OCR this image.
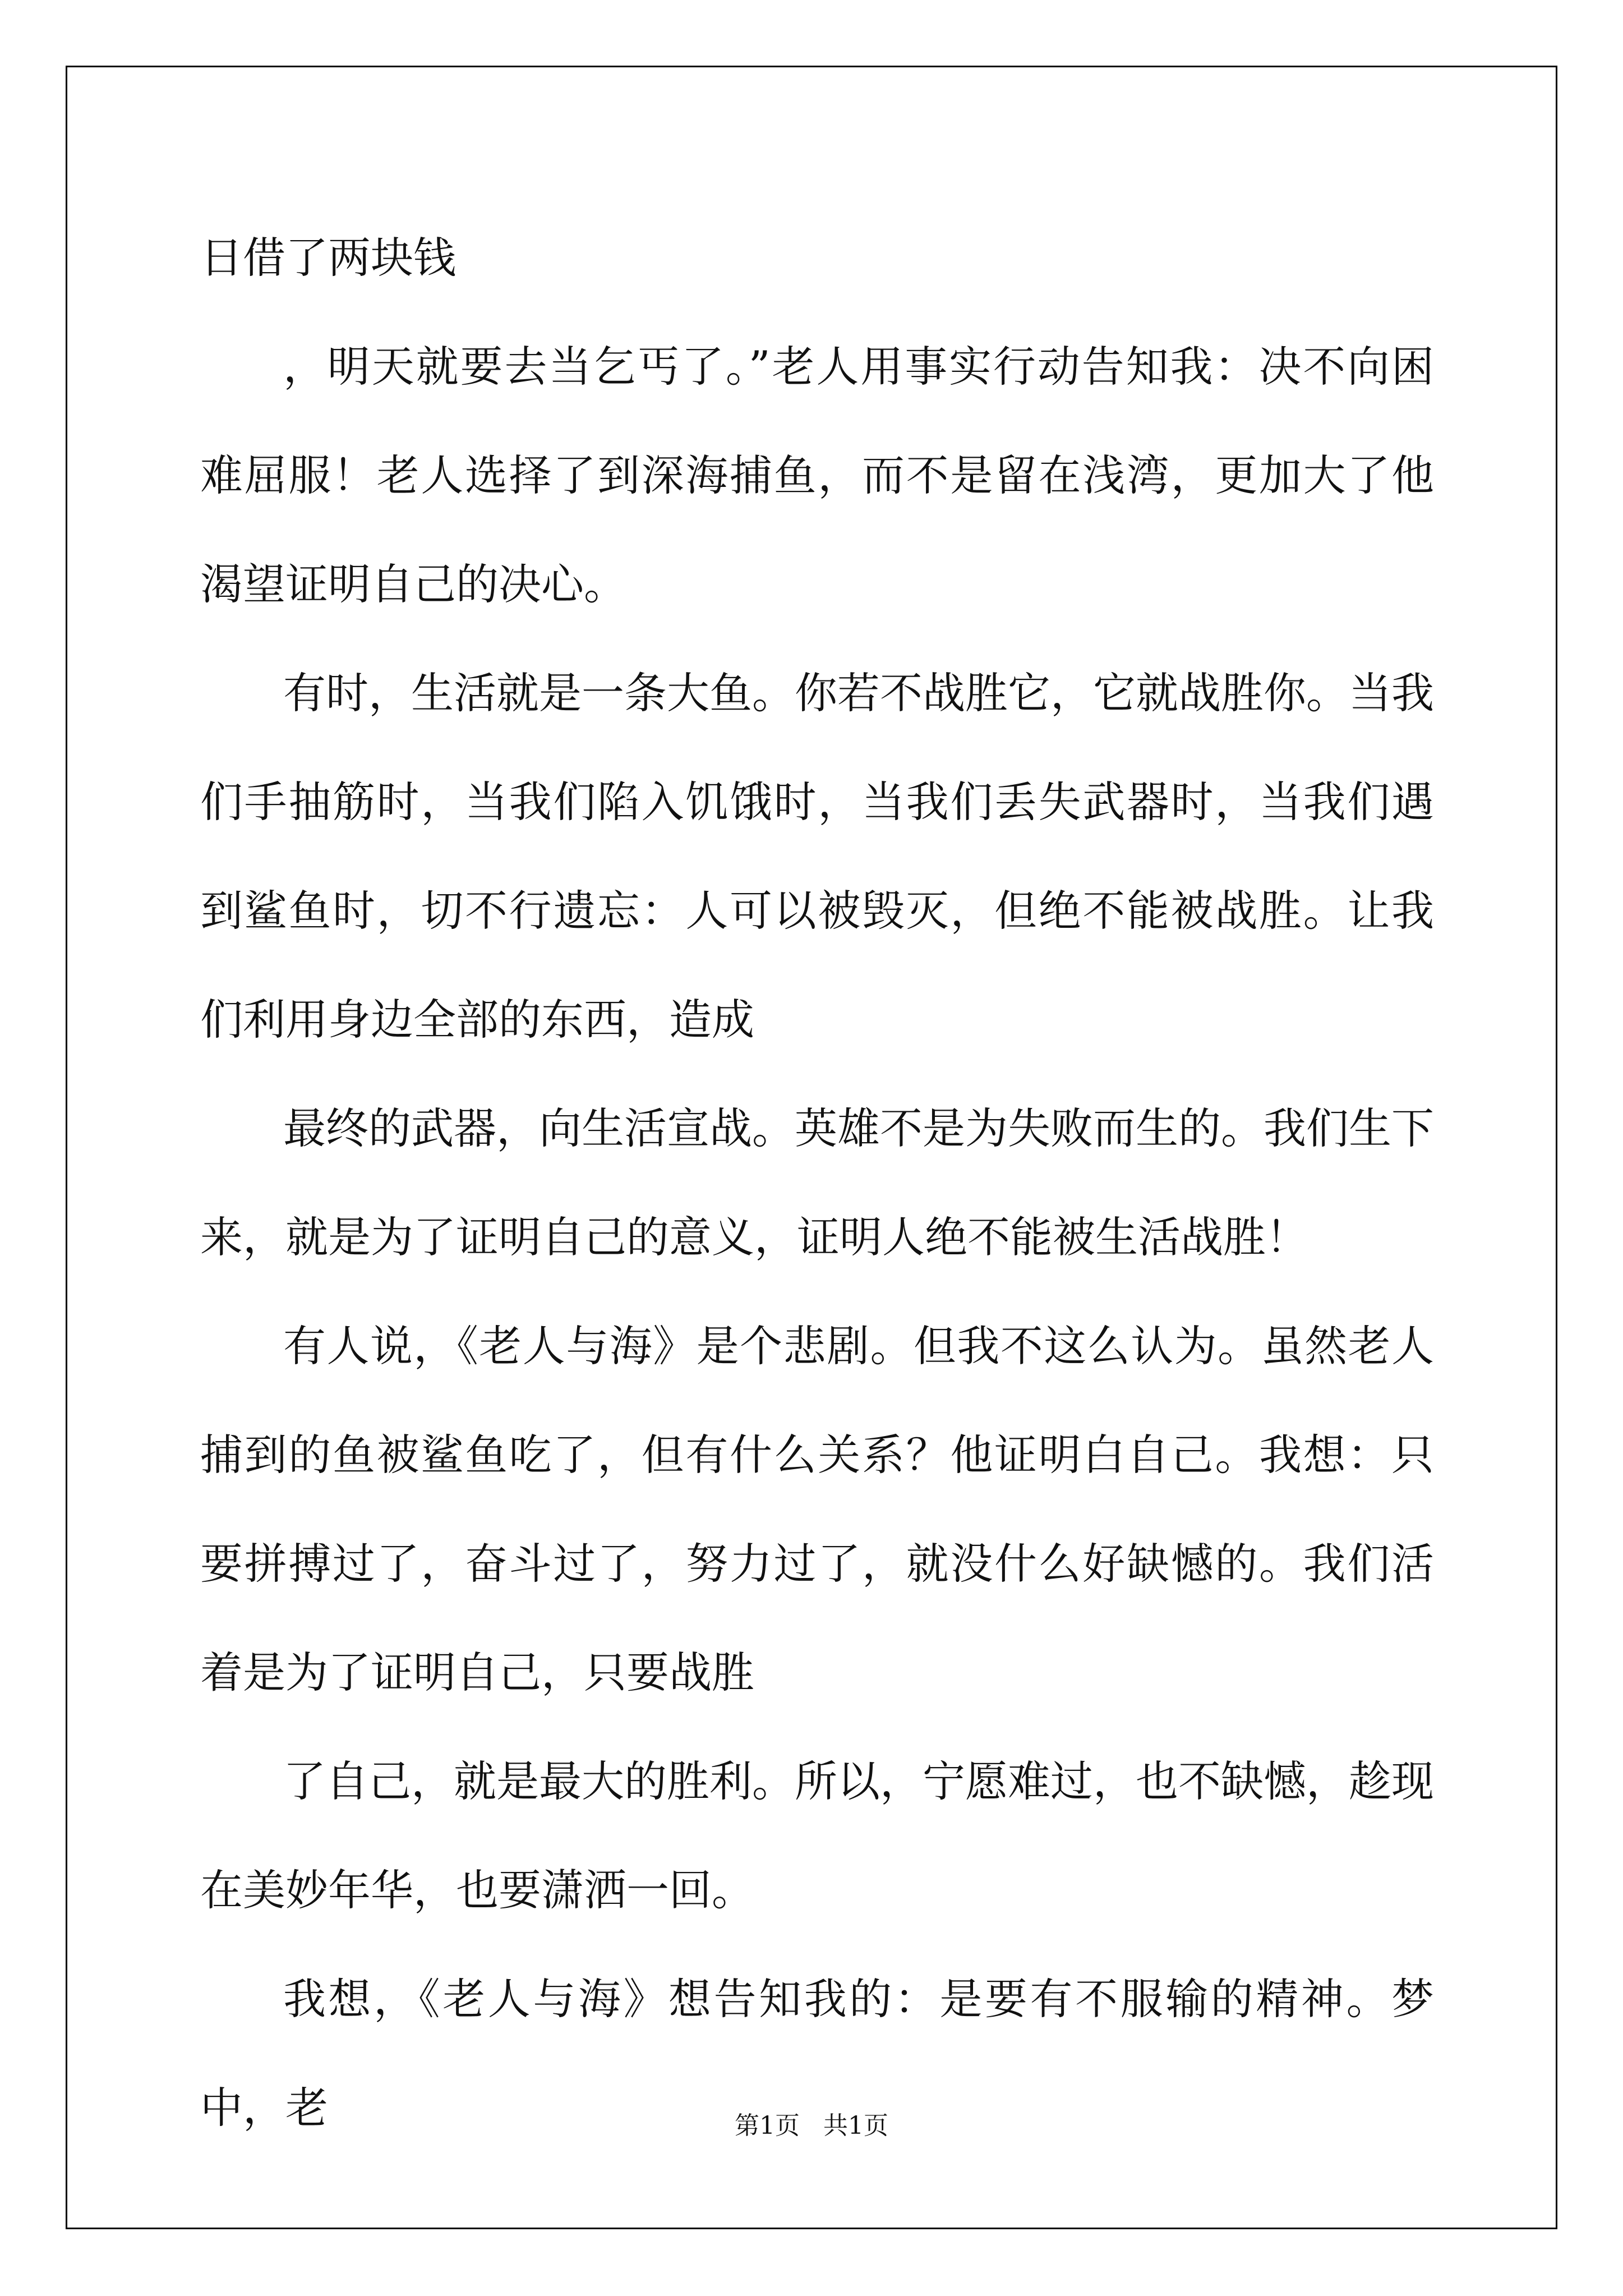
日借了两块钱

，明天就要去当乞丐了。”老人用事实行动告知我：决不向困难屈服！老人选择了到深海捕鱼，而不是留在浅湾，更加大了他渴望证明自己的决心。

有时，生活就是一条大鱼。你若不战胜它，它就战胜你。当我们手抽筋时，当我们陷入饥饿时，当我们丢失武器时，当我们遇到鲨鱼时，切不行遗忘：人可以被毁灭，但绝不能被战胜。让我们利用身边全部的东西，造成

最终的武器，向生活宣战。英雄不是为失败而生的。我们生下来，就是为了证明自己的意义，证明人绝不能被生活战胜！

有人说，《老人与海》是个悲剧。但我不这么认为。虽然老人捕到的鱼被鲨鱼吃了，但有什么关系？他证明白自己。我想：只要拼搏过了，奋斗过了，努力过了，就没什么好缺憾的。我们活着是为了证明自己，只要战胜

了自己，就是最大的胜利。所以，宁愿难过，也不缺憾，趁现在美妙年华，也要潇洒一回。

我想，《老人与海》想告知我的：是要有不服输的精神。梦中，老	第1页   共1页
